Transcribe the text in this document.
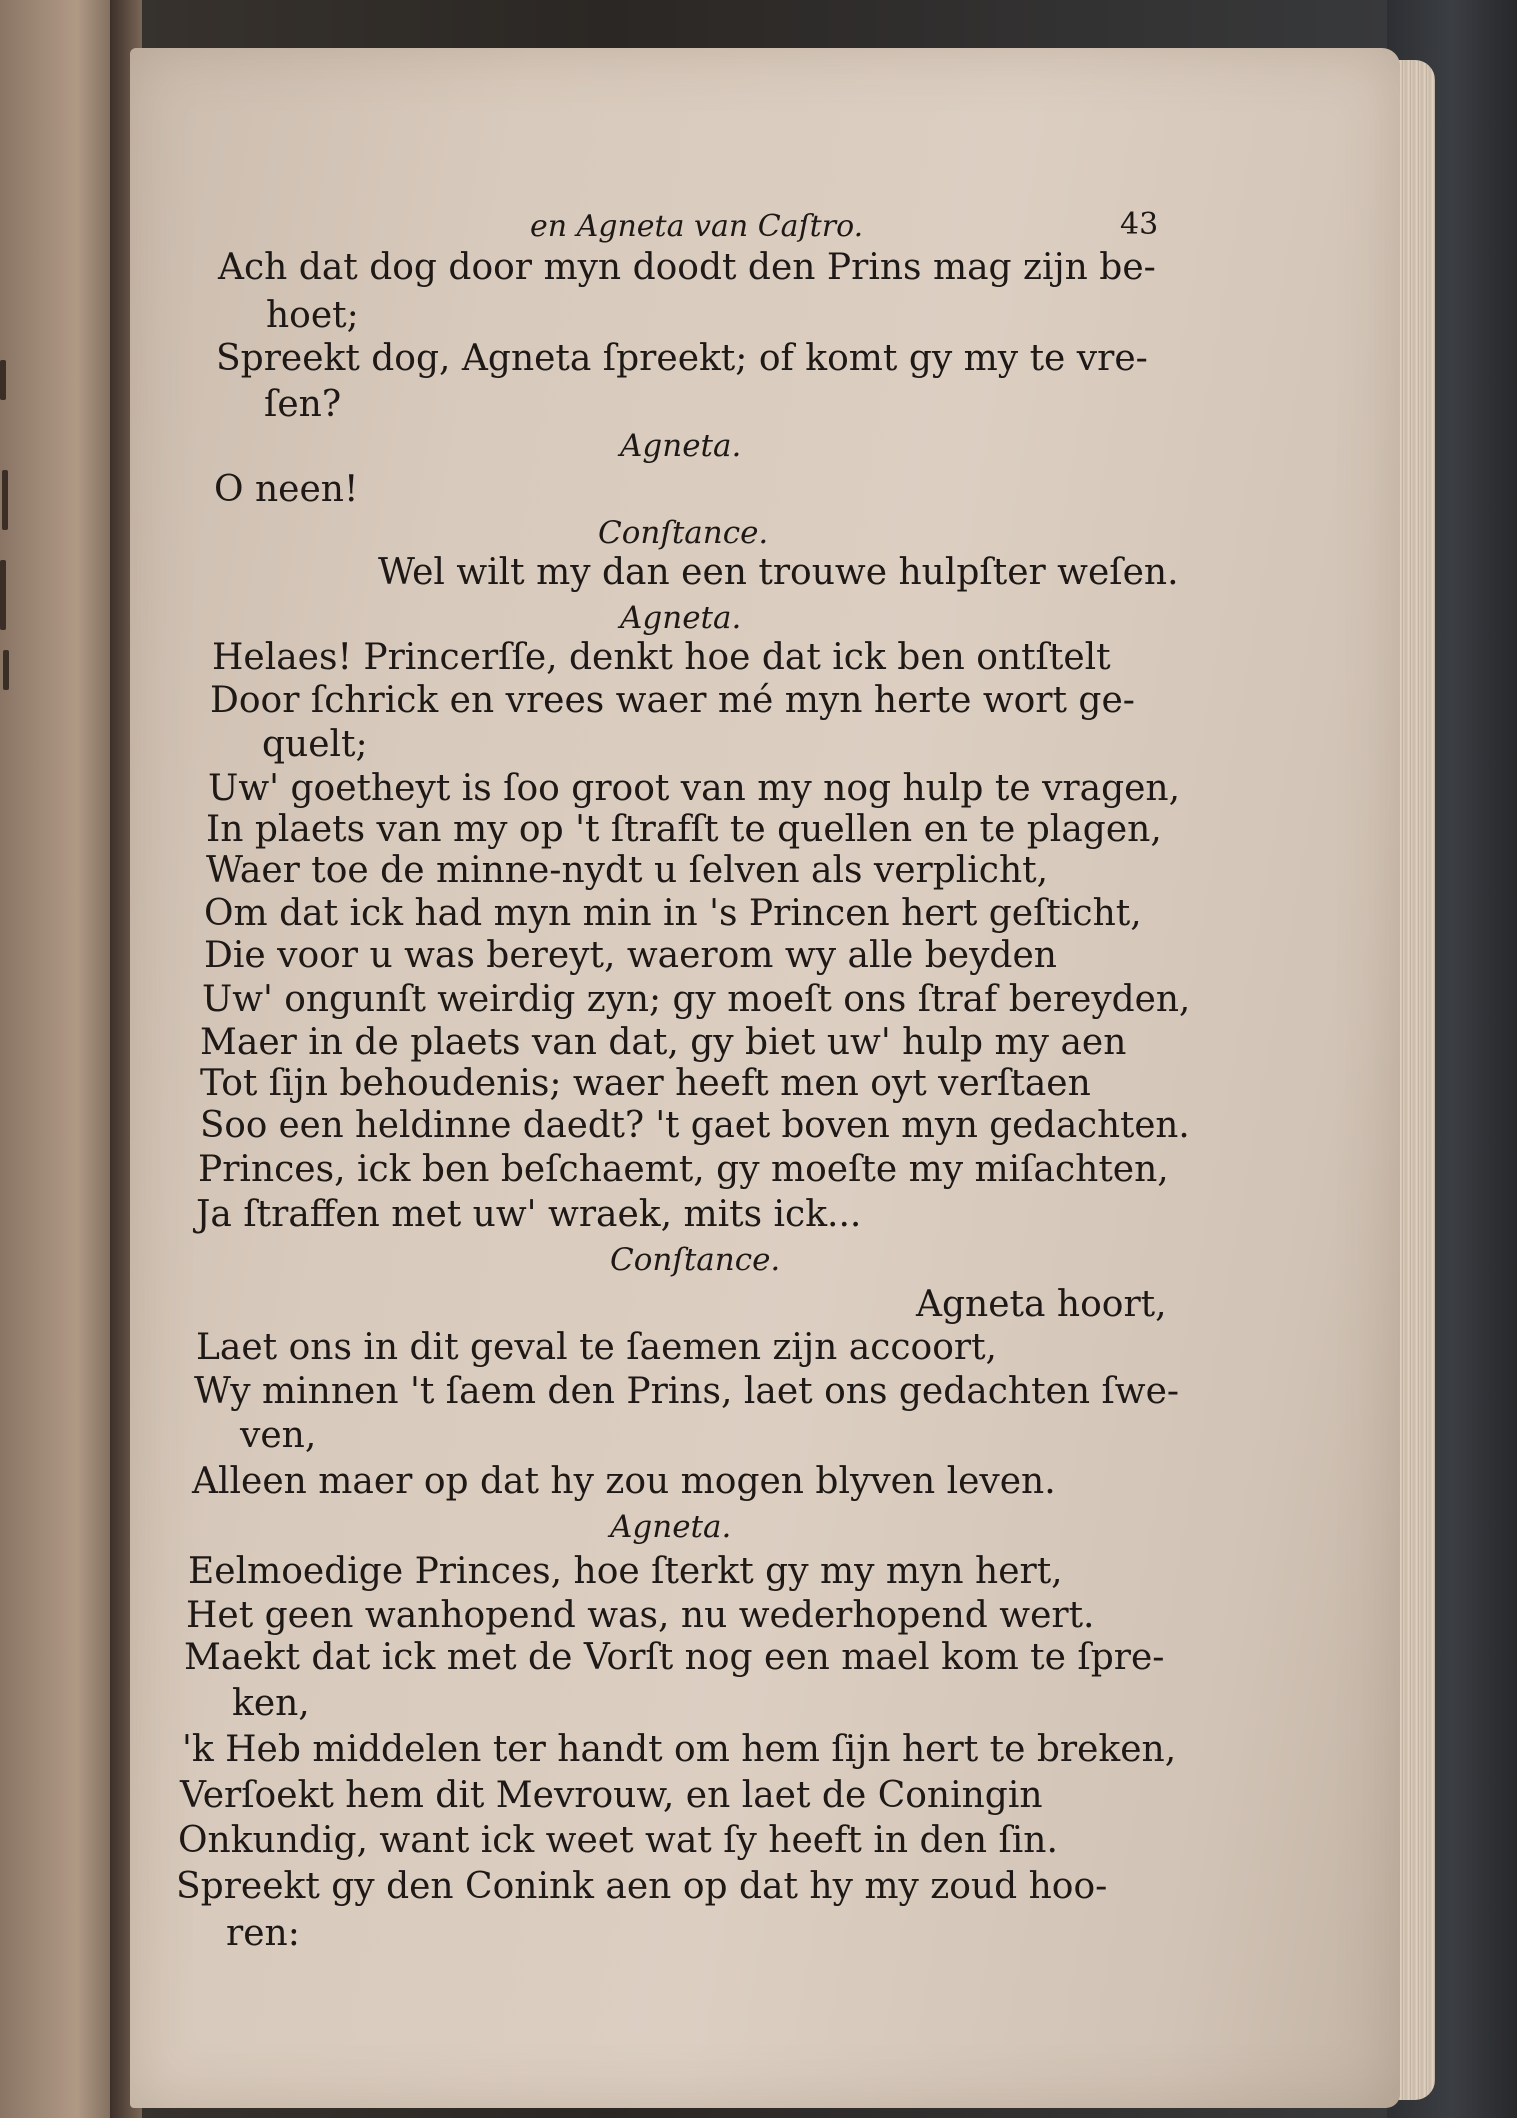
en Agneta van Caſtro.	43
Ach dat dog door myn doodt den Prins mag zijn be-
hoet;
Spreekt dog, Agneta ſpreekt; of komt gy my te vre-
ſen?
Agneta.
O neen!
Conſtance.
Wel wilt my dan een trouwe hulpſter weſen.
Agneta.
Helaes! Princerſſe, denkt hoe dat ick ben ontſtelt
Door ſchrick en vrees waer mé myn herte wort ge-
quelt;
Uw' goetheyt is ſoo groot van my nog hulp te vragen,
In plaets van my op 't ſtrafſt te quellen en te plagen,
Waer toe de minne-nydt u ſelven als verplicht,
Om dat ick had myn min in 's Princen hert geſticht,
Die voor u was bereyt, waerom wy alle beyden
Uw' ongunſt weirdig zyn; gy moeſt ons ſtraf bereyden,
Maer in de plaets van dat, gy biet uw' hulp my aen
Tot ſijn behoudenis; waer heeft men oyt verſtaen
Soo een heldinne daedt? 't gaet boven myn gedachten.
Princes, ick ben beſchaemt, gy moeſte my miſachten,
Ja ſtraffen met uw' wraek, mits ick...
Conſtance.
Agneta hoort,
Laet ons in dit geval te ſaemen zijn accoort,
Wy minnen 't ſaem den Prins, laet ons gedachten ſwe-
ven,
Alleen maer op dat hy zou mogen blyven leven.
Agneta.
Eelmoedige Princes, hoe ſterkt gy my myn hert,
Het geen wanhopend was, nu wederhopend wert.
Maekt dat ick met de Vorſt nog een mael kom te ſpre-
ken,
'k Heb middelen ter handt om hem ſijn hert te breken,
Verſoekt hem dit Mevrouw, en laet de Coningin
Onkundig, want ick weet wat ſy heeft in den ſin.
Spreekt gy den Conink aen op dat hy my zoud hoo-
ren:
